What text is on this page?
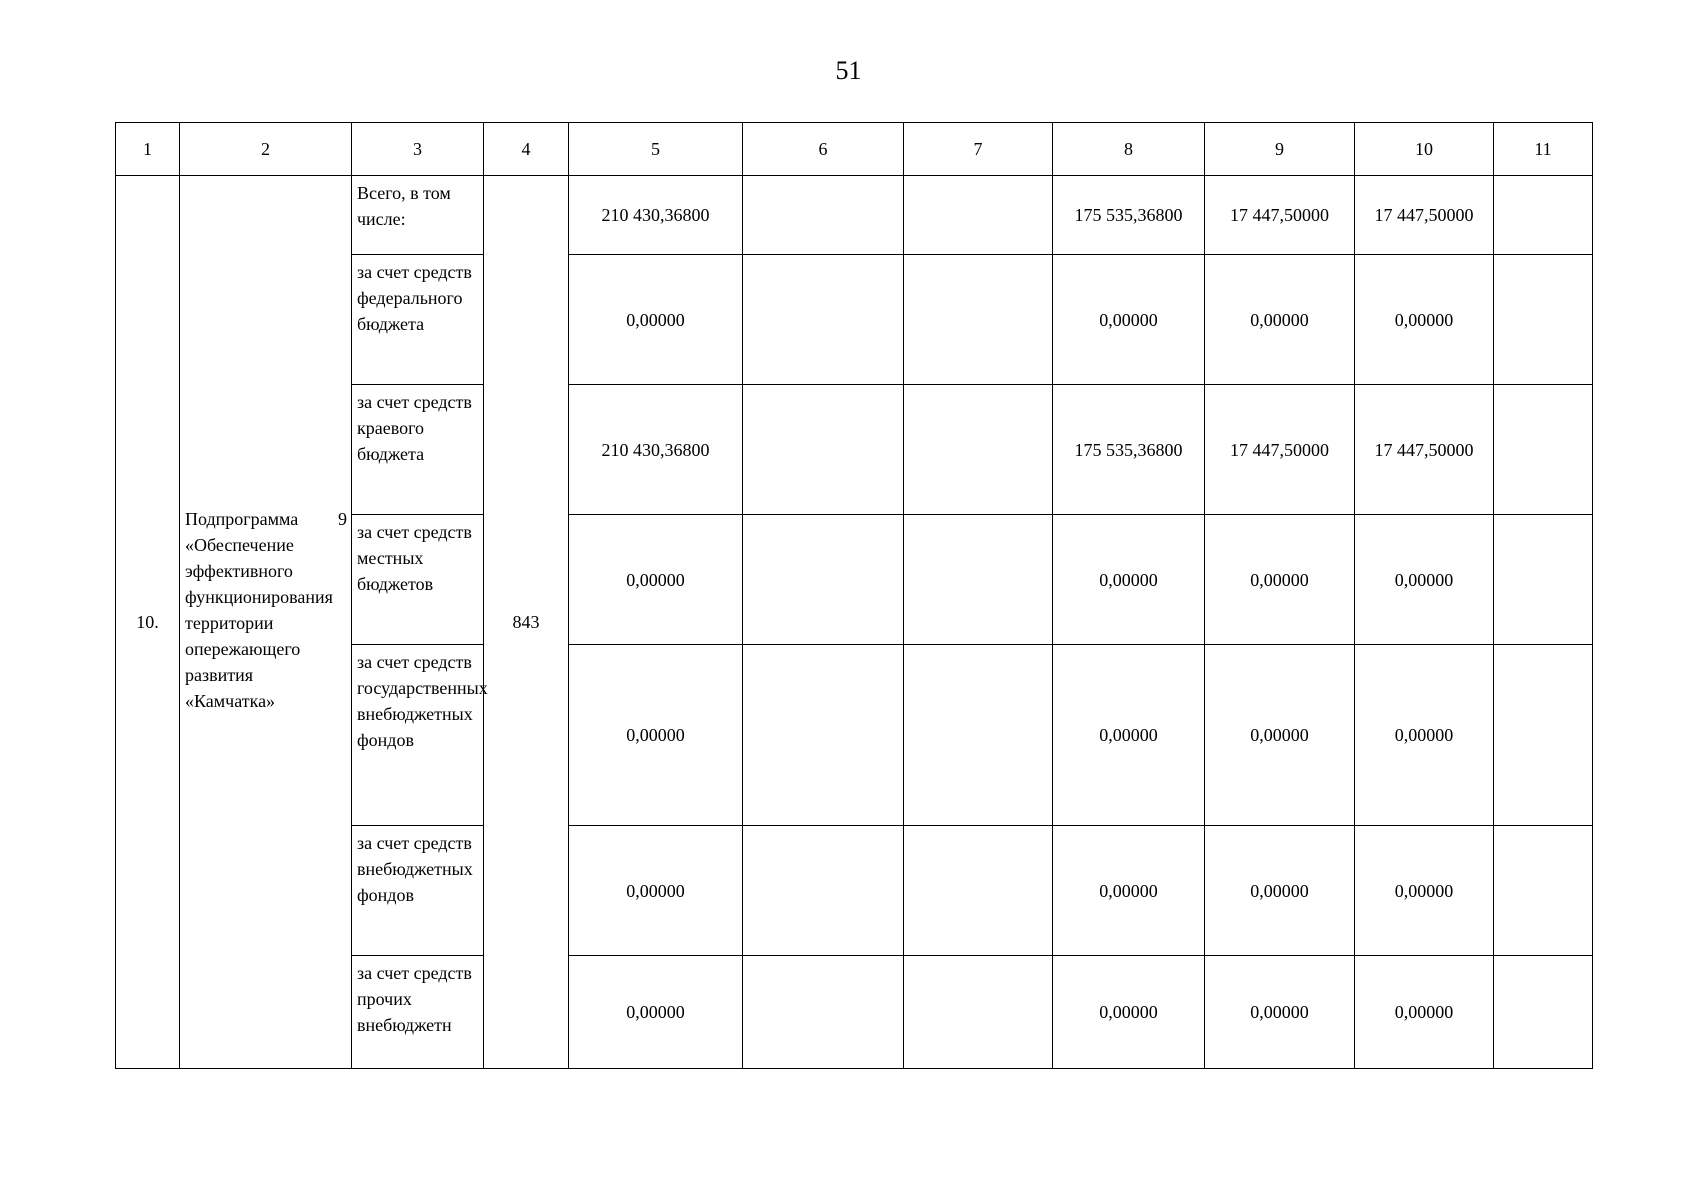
51
1	2	3	4	5	6	7	8	9	10	11
10.	Подпрограмма 9 «Обеспечение эффективного функционирования территории опережающего развития «Камчатка»	Всего, в том числе:	843	210 430,36800			175 535,36800	17 447,50000	17 447,50000	
		за счет средств федерального бюджета		0,00000			0,00000	0,00000	0,00000	
		за счет средств краевого бюджета		210 430,36800			175 535,36800	17 447,50000	17 447,50000	
		за счет средств местных бюджетов		0,00000			0,00000	0,00000	0,00000	
		за счет средств государственных внебюджетных фондов		0,00000			0,00000	0,00000	0,00000	
		за счет средств внебюджетных фондов		0,00000			0,00000	0,00000	0,00000	
		за счет средств прочих внебюджетн		0,00000			0,00000	0,00000	0,00000	
